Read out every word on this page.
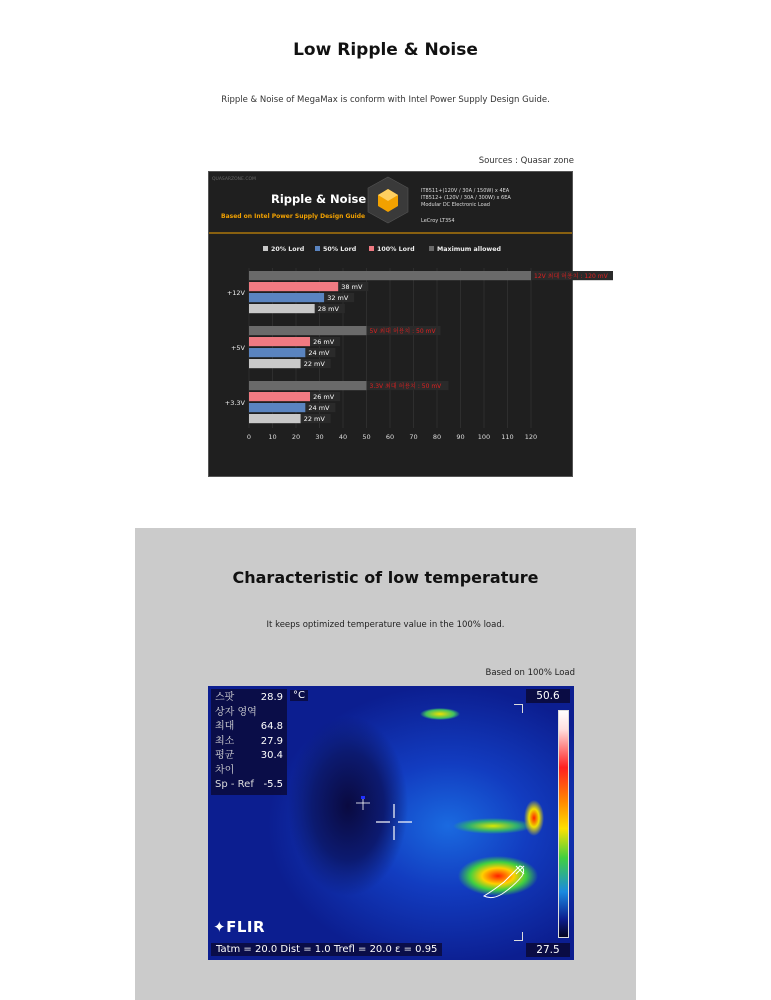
Low Ripple & Noise
Ripple & Noise of MegaMax is conform with Intel Power Supply Design Guide.
Sources : Quasar zone
QUASARZONE.COM
Ripple & Noise
Based on Intel Power Supply Design Guide
IT8511+(120V / 30A / 150W) x 4EA
IT8512+ (120V / 30A / 300W) x 6EA
Modular DC Electronic Load
LeCroy LT354
20% Lord	50% Lord	100% Lord	Maximum allowed
12V 최대 허용치 : 120 mV
38 mV
32 mV
28 mV
5V 최대 허용치 : 50 mV
26 mV
24 mV
22 mV
3.3V 최대 허용치 : 50 mV
26 mV
24 mV
22 mV
0	10 20 30 40 50 60 70 80 90 100 110 120
+12V
+5V
+3.3V
Characteristic of low temperature
It keeps optimized temperature value in the 100% load.
Based on 100% Load
스팟	28.9
상자 영역
최대	64.8
최소	27.9
평균	30.4
차이
Sp - Ref -5.5
°C	50.6
27.5
✦FLIR
Tatm = 20.0 Dist = 1.0 Trefl = 20.0 ε = 0.95
